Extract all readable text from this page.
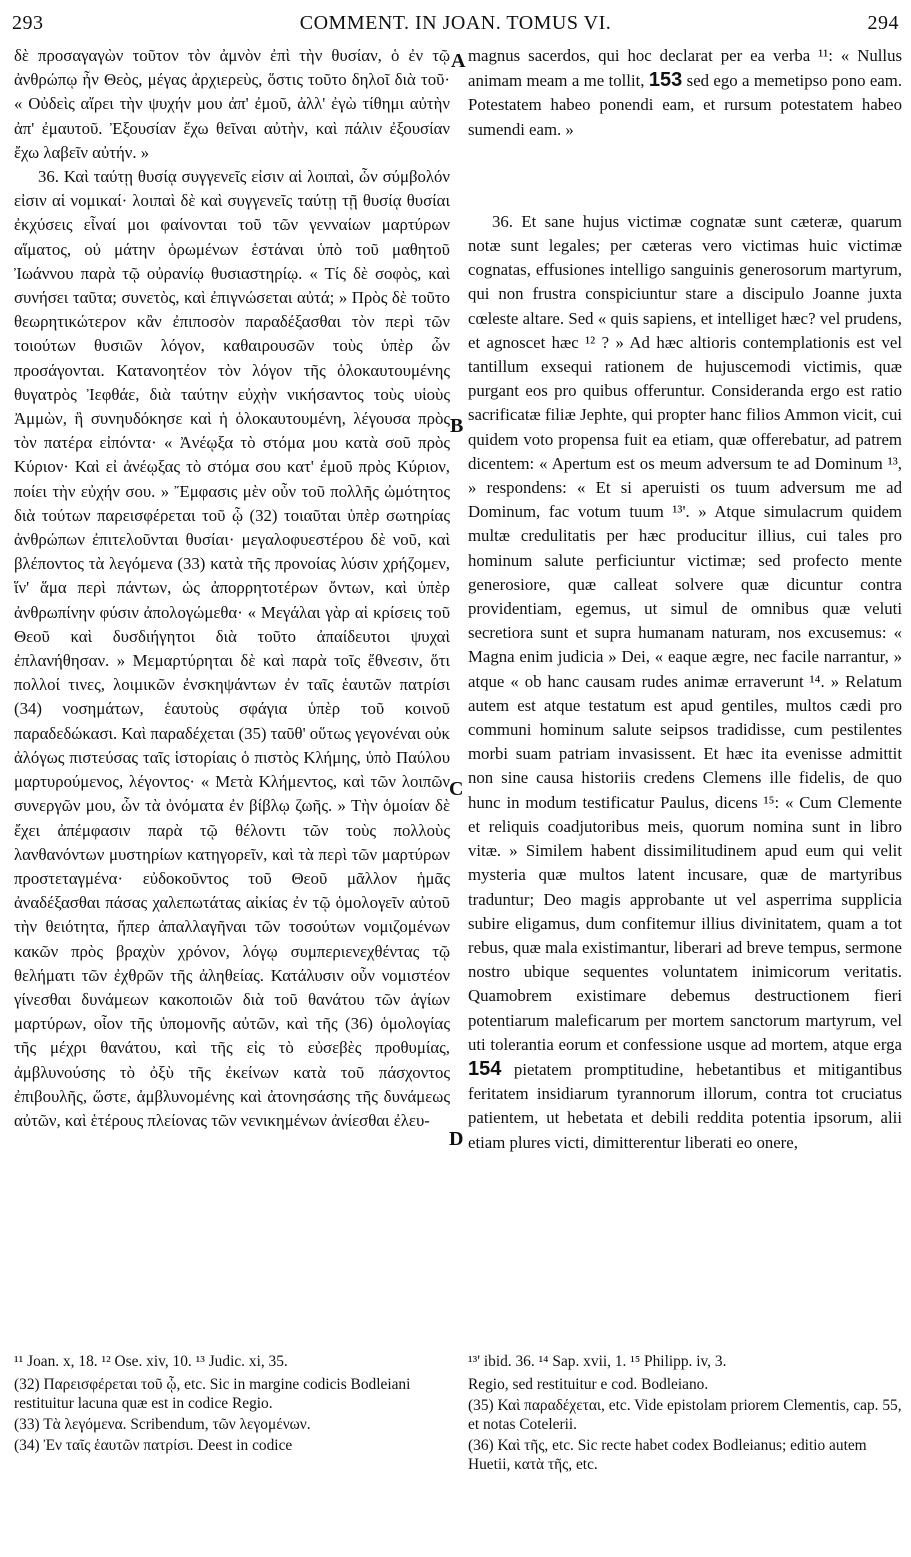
293	COMMENT. IN JOAN. TOMUS VI.	294

δὲ προσαγαγὼν τοῦτον τὸν ἀμνὸν ἐπὶ τὴν θυσίαν, ὁ ἐν τῷ ἀνθρώπῳ ἦν Θεὸς, μέγας ἀρχιερεὺς, ὅστις τοῦτο δηλοῖ διὰ τοῦ· « Οὐδεὶς αἴρει τὴν ψυχήν μου ἀπ' ἐμοῦ, ἀλλ' ἐγὼ τίθημι αὐτὴν ἀπ' ἐμαυτοῦ. Ἐξουσίαν ἔχω θεῖναι αὐτὴν, καὶ πάλιν ἐξουσίαν ἔχω λαβεῖν αὐτήν. »

36. Καὶ ταύτῃ θυσίᾳ συγγενεῖς εἰσιν αἱ λοιπαὶ, ὧν σύμβολόν εἰσιν αἱ νομικαί· λοιπαὶ δὲ καὶ συγγενεῖς ταύτῃ τῇ θυσίᾳ θυσίαι ἐκχύσεις εἶναί μοι φαίνονται τοῦ τῶν γενναίων μαρτύρων αἵματος, οὐ μάτην ὁρωμένων ἑστάναι ὑπὸ τοῦ μαθητοῦ Ἰωάννου παρὰ τῷ οὐρανίῳ θυσιαστηρίῳ. « Τίς δὲ σοφὸς, καὶ συνήσει ταῦτα; συνετὸς, καὶ ἐπιγνώσεται αὐτά; » Πρὸς δὲ τοῦτο θεωρητικώτερον κἂν ἐπιποσὸν παραδέξασθαι τὸν περὶ τῶν τοιούτων θυσιῶν λόγον, καθαιρουσῶν τοὺς ὑπὲρ ὧν προσάγονται. Κατανοητέον τὸν λόγον τῆς ὁλοκαυτουμένης θυγατρὸς Ἰεφθάε, διὰ ταύτην εὐχὴν νικήσαντος τοὺς υἱοὺς Ἀμμὼν, ἣ συνηυδόκησε καὶ ἡ ὁλοκαυτουμένη, λέγουσα πρὸς τὸν πατέρα εἰπόντα· « Ἀνέῳξα τὸ στόμα μου κατὰ σοῦ πρὸς Κύριον· Καὶ εἰ ἀνέῳξας τὸ στόμα σου κατ' ἐμοῦ πρὸς Κύριον, ποίει τὴν εὐχήν σου. » Ἔμφασις μὲν οὖν τοῦ πολλῆς ὠμότητος διὰ τούτων παρεισφέρεται τοῦ ᾧ (32) τοιαῦται ὑπὲρ σωτηρίας ἀνθρώπων ἐπιτελοῦνται θυσίαι· μεγαλοφυεστέρου δὲ νοῦ, καὶ βλέποντος τὰ λεγόμενα (33) κατὰ τῆς προνοίας λύσιν χρήζομεν, ἵν' ἅμα περὶ πάντων, ὡς ἀπορρητοτέρων ὄντων, καὶ ὑπὲρ ἀνθρωπίνην φύσιν ἀπολογώμεθα· « Μεγάλαι γὰρ αἱ κρίσεις τοῦ Θεοῦ καὶ δυσδιήγητοι διὰ τοῦτο ἀπαίδευτοι ψυχαὶ ἐπλανήθησαν. » Μεμαρτύρηται δὲ καὶ παρὰ τοῖς ἔθνεσιν, ὅτι πολλοί τινες, λοιμικῶν ἐνσκηψάντων ἐν ταῖς ἑαυτῶν πατρίσι (34) νοσημάτων, ἑαυτοὺς σφάγια ὑπὲρ τοῦ κοινοῦ παραδεδώκασι. Καὶ παραδέχεται (35) ταῦθ' οὕτως γεγονέναι οὐκ ἀλόγως πιστεύσας ταῖς ἱστορίαις ὁ πιστὸς Κλήμης, ὑπὸ Παύλου μαρτυρούμενος, λέγοντος· « Μετὰ Κλήμεντος, καὶ τῶν λοιπῶν συνεργῶν μου, ὧν τὰ ὀνόματα ἐν βίβλῳ ζωῆς. » Τὴν ὁμοίαν δὲ ἔχει ἀπέμφασιν παρὰ τῷ θέλοντι τῶν τοὺς πολλοὺς λανθανόντων μυστηρίων κατηγορεῖν, καὶ τὰ περὶ τῶν μαρτύρων προστεταγμένα· εὐδοκοῦντος τοῦ Θεοῦ μᾶλλον ἡμᾶς ἀναδέξασθαι πάσας χαλεπωτάτας αἰκίας ἐν τῷ ὁμολογεῖν αὐτοῦ τὴν θειότητα, ἤπερ ἀπαλλαγῆναι τῶν τοσούτων νομιζομένων κακῶν πρὸς βραχὺν χρόνον, λόγῳ συμπεριενεχθέντας τῷ θελήματι τῶν ἐχθρῶν τῆς ἀληθείας. Κατάλυσιν οὖν νομιστέον γίνεσθαι δυνάμεων κακοποιῶν διὰ τοῦ θανάτου τῶν ἁγίων μαρτύρων, οἷον τῆς ὑπομονῆς αὐτῶν, καὶ τῆς (36) ὁμολογίας τῆς μέχρι θανάτου, καὶ τῆς εἰς τὸ εὐσεβὲς προθυμίας, ἀμβλυνούσης τὸ ὀξὺ τῆς ἐκείνων κατὰ τοῦ πάσχοντος ἐπιβουλῆς, ὥστε, ἀμβλυνομένης καὶ ἀτονησάσης τῆς δυνάμεως αὐτῶν, καὶ ἑτέρους πλείονας τῶν νενικημένων ἀνίεσθαι ἐλευ-

A
B
C
D

magnus sacerdos, qui hoc declarat per ea verba ¹¹: « Nullus animam meam a me tollit, 153 sed ego a memetipso pono eam. Potestatem habeo ponendi eam, et rursum potestatem habeo sumendi eam. »

36. Et sane hujus victimæ cognatæ sunt cæteræ, quarum notæ sunt legales; per cæteras vero victimas huic victimæ cognatas, effusiones intelligo sanguinis generosorum martyrum, qui non frustra conspiciuntur stare a discipulo Joanne juxta cœleste altare. Sed « quis sapiens, et intelliget hæc? vel prudens, et agnoscet hæc ¹² ? » Ad hæc altioris contemplationis est vel tantillum exsequi rationem de hujuscemodi victimis, quæ purgant eos pro quibus offeruntur. Consideranda ergo est ratio sacrificatæ filiæ Jephte, qui propter hanc filios Ammon vicit, cui quidem voto propensa fuit ea etiam, quæ offerebatur, ad patrem dicentem: « Apertum est os meum adversum te ad Dominum ¹³, » respondens: « Et si aperuisti os tuum adversum me ad Dominum, fac votum tuum ¹³'. » Atque simulacrum quidem multæ credulitatis per hæc producitur illius, cui tales pro hominum salute perficiuntur victimæ; sed profecto mente generosiore, quæ calleat solvere quæ dicuntur contra providentiam, egemus, ut simul de omnibus quæ veluti secretiora sunt et supra humanam naturam, nos excusemus: « Magna enim judicia » Dei, « eaque ægre, nec facile narrantur, » atque « ob hanc causam rudes animæ erraverunt ¹⁴. » Relatum autem est atque testatum est apud gentiles, multos cædi pro communi hominum salute seipsos tradidisse, cum pestilentes morbi suam patriam invasissent. Et hæc ita evenisse admittit non sine causa historiis credens Clemens ille fidelis, de quo hunc in modum testificatur Paulus, dicens ¹⁵: « Cum Clemente et reliquis coadjutoribus meis, quorum nomina sunt in libro vitæ. » Similem habent dissimilitudinem apud eum qui velit mysteria quæ multos latent incusare, quæ de martyribus traduntur; Deo magis approbante ut vel asperrima supplicia subire eligamus, dum confitemur illius divinitatem, quam a tot rebus, quæ mala existimantur, liberari ad breve tempus, sermone nostro ubique sequentes voluntatem inimicorum veritatis. Quamobrem existimare debemus destructionem fieri potentiarum maleficarum per mortem sanctorum martyrum, vel uti tolerantia eorum et confessione usque ad mortem, atque erga 154 pietatem promptitudine, hebetantibus et mitigantibus feritatem insidiarum tyrannorum illorum, contra tot cruciatus patientem, ut hebetata et debili reddita potentia ipsorum, alii etiam plures victi, dimitterentur liberati eo onere,

¹¹ Joan. x, 18. ¹² Ose. xiv, 10. ¹³ Judic. xi, 35.

(32) Παρεισφέρεται τοῦ ᾧ, etc. Sic in margine codicis Bodleiani restituitur lacuna quæ est in codice Regio.

(33) Τὰ λεγόμενα. Scribendum, τῶν λεγομένων.

(34) Ἐν ταῖς ἑαυτῶν πατρίσι. Deest in codice

¹³' ibid. 36. ¹⁴ Sap. xvii, 1. ¹⁵ Philipp. iv, 3.

Regio, sed restituitur e cod. Bodleiano.

(35) Καὶ παραδέχεται, etc. Vide epistolam priorem Clementis, cap. 55, et notas Cotelerii.

(36) Καὶ τῆς, etc. Sic recte habet codex Bodleianus; editio autem Huetii, κατὰ τῆς, etc.
